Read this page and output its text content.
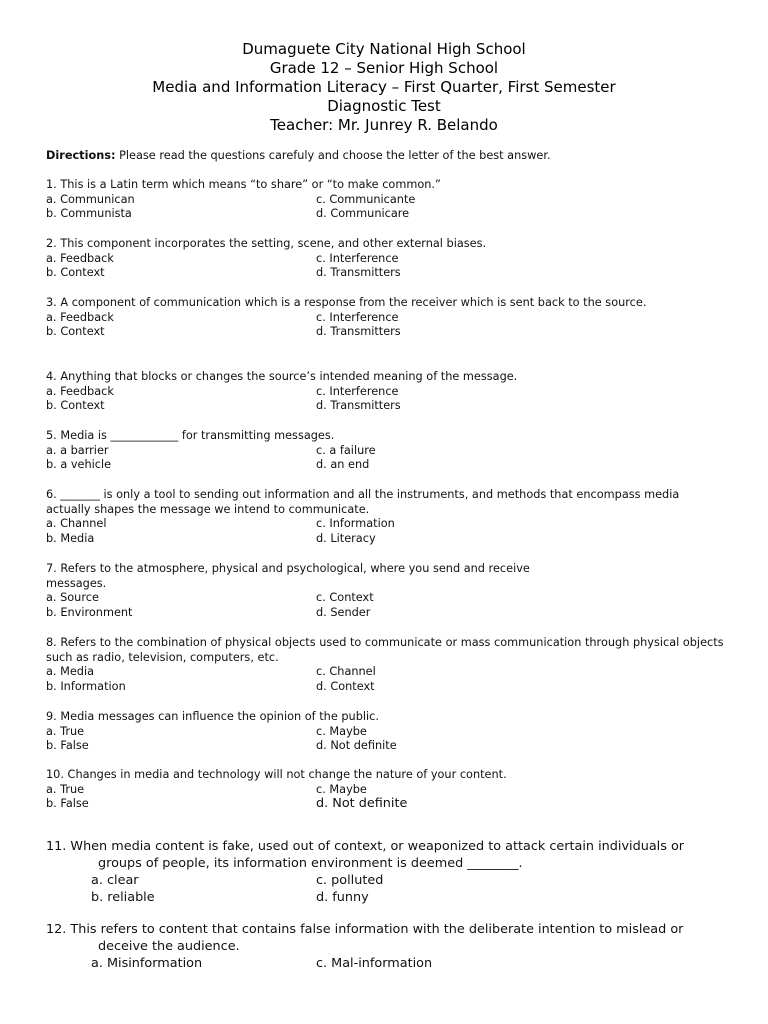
Dumaguete City National High School
Grade 12 – Senior High School
Media and Information Literacy – First Quarter, First Semester
Diagnostic Test
Teacher: Mr. Junrey R. Belando
Directions: Please read the questions carefuly and choose the letter of the best answer.

1. This is a Latin term which means “to share” or “to make common.”

a. Communican	c. Communicante
b. Communista	d. Communicare

2. This component incorporates the setting, scene, and other external biases.

a. Feedback	c. Interference
b. Context	d. Transmitters

3. A component of communication which is a response from the receiver which is sent back to the source.

a. Feedback	c. Interference
b. Context	d. Transmitters

4. Anything that blocks or changes the source’s intended meaning of the message.

a. Feedback	c. Interference
b. Context	d. Transmitters

5. Media is ____________ for transmitting messages.

a. a barrier	c. a failure
b. a vehicle	d. an end

6. _______ is only a tool to sending out information and all the instruments, and methods that encompass media actually shapes the message we intend to communicate.

a. Channel	c. Information
b. Media	d. Literacy

7. Refers to the atmosphere, physical and psychological, where you send and receive messages.

a. Source	c. Context
b. Environment	d. Sender

8. Refers to the combination of physical objects used to communicate or mass communication through physical objects such as radio, television, computers, etc.

a. Media	c. Channel
b. Information	d. Context

9. Media messages can influence the opinion of the public.

a. True	c. Maybe
b. False	d. Not definite

10. Changes in media and technology will not change the nature of your content.

a. True	c. Maybe
b. False	d. Not definite

11. When media content is fake, used out of context, or weaponized to attack certain individuals or groups of people, its information environment is deemed ________.

a. clear	c. polluted
b. reliable	d. funny

12. This refers to content that contains false information with the deliberate intention to mislead or deceive the audience.

a. Misinformation	c. Mal-information
